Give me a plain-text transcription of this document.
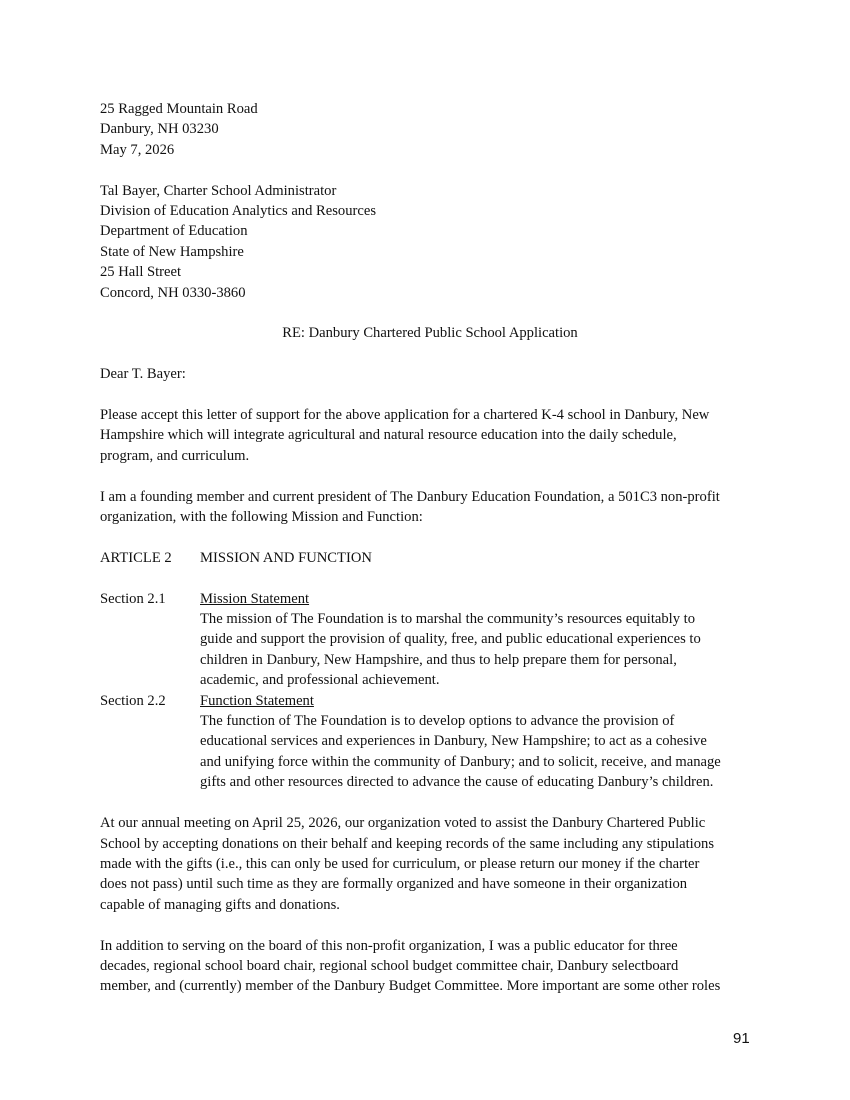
25 Ragged Mountain Road
Danbury, NH 03230
May 7, 2026
Tal Bayer, Charter School Administrator
Division of Education Analytics and Resources
Department of Education
State of New Hampshire
25 Hall Street
Concord, NH 0330-3860
RE: Danbury Chartered Public School Application
Dear T. Bayer:
Please accept this letter of support for the above application for a chartered K-4 school in Danbury, New
Hampshire which will integrate agricultural and natural resource education into the daily schedule,
program, and curriculum.
I am a founding member and current president of The Danbury Education Foundation, a 501C3 non-profit
organization, with the following Mission and Function:
ARTICLE 2	MISSION AND FUNCTION
Section 2.1	Mission Statement
The mission of The Foundation is to marshal the community’s resources equitably to
guide and support the provision of quality, free, and public educational experiences to
children in Danbury, New Hampshire, and thus to help prepare them for personal,
academic, and professional achievement.
Section 2.2	Function Statement
The function of The Foundation is to develop options to advance the provision of
educational services and experiences in Danbury, New Hampshire; to act as a cohesive
and unifying force within the community of Danbury; and to solicit, receive, and manage
gifts and other resources directed to advance the cause of educating Danbury’s children.
At our annual meeting on April 25, 2026, our organization voted to assist the Danbury Chartered Public
School by accepting donations on their behalf and keeping records of the same including any stipulations
made with the gifts (i.e., this can only be used for curriculum, or please return our money if the charter
does not pass) until such time as they are formally organized and have someone in their organization
capable of managing gifts and donations.
In addition to serving on the board of this non-profit organization, I was a public educator for three
decades, regional school board chair, regional school budget committee chair, Danbury selectboard
member, and (currently) member of the Danbury Budget Committee. More important are some other roles
91
